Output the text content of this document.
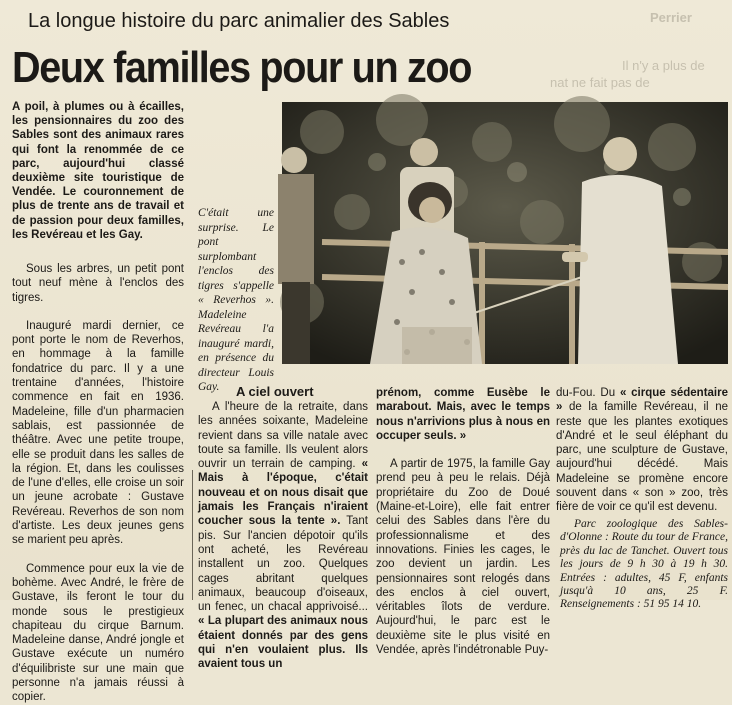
Perrier
Il n'y a plus de
nat ne fait pas de
La longue histoire du parc animalier des Sables
Deux familles pour un zoo
A poil, à plumes ou à écailles, les pensionnaires du zoo des Sables sont des animaux rares qui font la renommée de ce parc, aujourd'hui classé deuxième site touristique de Vendée. Le couronnement de plus de trente ans de travail et de passion pour deux familles, les Revéreau et les Gay.

Sous les arbres, un petit pont tout neuf mène à l'enclos des tigres.

Inauguré mardi dernier, ce pont porte le nom de Reverhos, en hommage à la famille fondatrice du parc. Il y a une trentaine d'années, l'histoire commence en fait en 1936. Madeleine, fille d'un pharmacien sablais, est passionnée de théâtre. Avec une petite troupe, elle se produit dans les salles de la région. Et, dans les coulisses de l'une d'elles, elle croise un soir un jeune acrobate : Gustave Revéreau. Reverhos de son nom d'artiste. Les deux jeunes gens se marient peu après.

Commence pour eux la vie de bohème. Avec André, le frère de Gustave, ils feront le tour du monde sous le prestigieux chapiteau du cirque Barnum. Madeleine danse, André jongle et Gustave exécute un numéro d'équilibriste sur une main que personne n'a jamais réussi à copier.

C'était une surprise. Le pont surplombant l'enclos des tigres s'appelle « Reverhos ». Madeleine Revéreau l'a inauguré mardi, en présence du directeur Louis Gay.	A ciel ouvert

A l'heure de la retraite, dans les années soixante, Madeleine revient dans sa ville natale avec toute sa famille. Ils veulent alors ouvrir un terrain de camping. « Mais à l'époque, c'était nouveau et on nous disait que jamais les Français n'iraient coucher sous la tente ». Tant pis. Sur l'ancien dépotoir qu'ils ont acheté, les Revéreau installent un zoo. Quelques cages abritant quelques animaux, beaucoup d'oiseaux, un fenec, un chacal apprivoisé... « La plupart des animaux nous étaient donnés par des gens qui n'en voulaient plus. Ils avaient tous un

prénom, comme Eusèbe le marabout. Mais, avec le temps nous n'arrivions plus à nous en occuper seuls. »

A partir de 1975, la famille Gay prend peu à peu le relais. Déjà propriétaire du Zoo de Doué (Maine-et-Loire), elle fait entrer celui des Sables dans l'ère du professionnalisme et des innovations. Finies les cages, le zoo devient un jardin. Les pensionnaires sont relogés dans des enclos à ciel ouvert, véritables îlots de verdure. Aujourd'hui, le parc est le deuxième site le plus visité en Vendée, après l'indétronable Puy-

du-Fou. Du « cirque sédentaire » de la famille Revéreau, il ne reste que les plantes exotiques d'André et le seul éléphant du parc, une sculpture de Gustave, aujourd'hui décédé. Mais Madeleine se promène encore souvent dans « son » zoo, très fière de voir ce qu'il est devenu.

Parc zoologique des Sables-d'Olonne : Route du tour de France, près du lac de Tanchet. Ouvert tous les jours de 9 h 30 à 19 h 30. Entrées : adultes, 45 F, enfants jusqu'à 10 ans, 25 F. Renseignements : 51 95 14 10.
